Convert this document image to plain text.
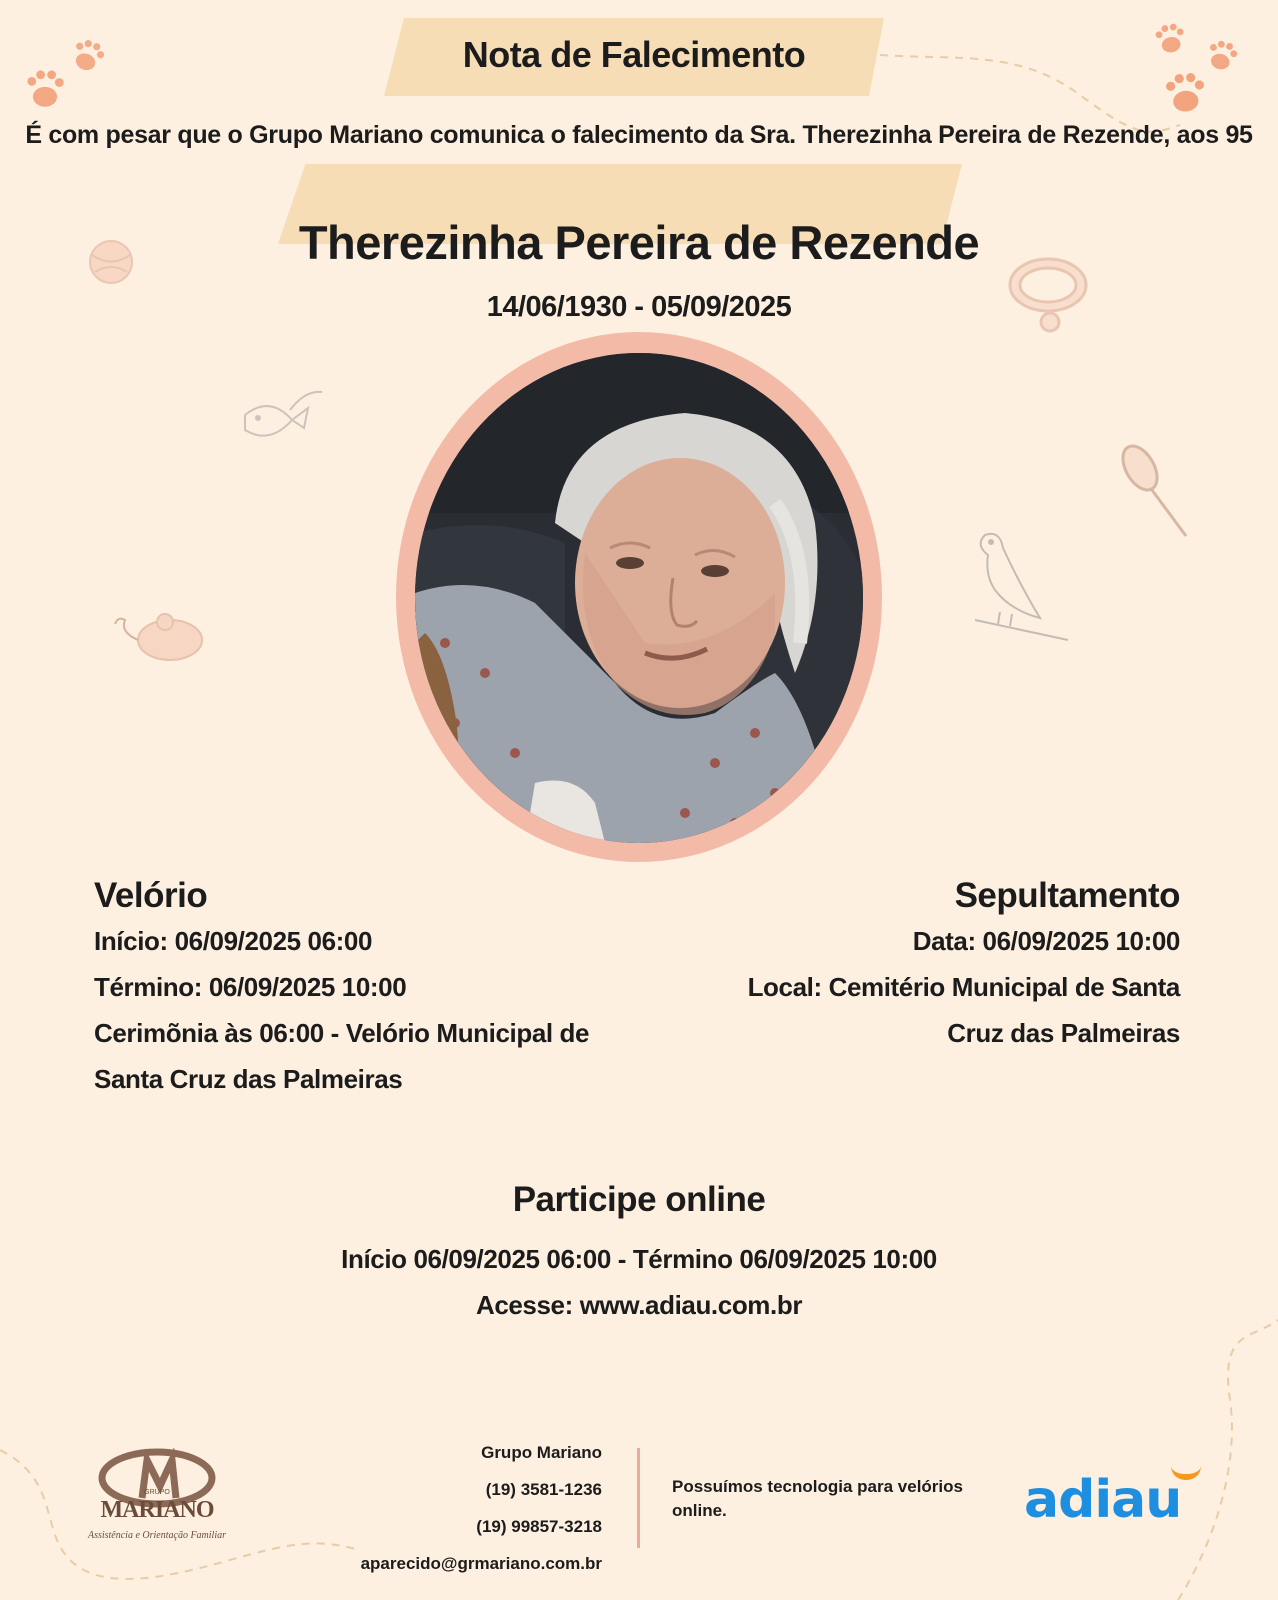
Nota de Falecimento
É com pesar que o Grupo Mariano comunica o falecimento da Sra. Therezinha Pereira de Rezende, aos 95
Therezinha Pereira de Rezende
14/06/1930 - 05/09/2025
Velório
Início: 06/09/2025 06:00
Término: 06/09/2025 10:00
Cerimõnia às 06:00 - Velório Municipal de Santa Cruz das Palmeiras
Sepultamento
Data: 06/09/2025 10:00
Local: Cemitério Municipal de Santa Cruz das Palmeiras
Participe online
Início 06/09/2025 06:00 - Término 06/09/2025 10:00
Acesse: www.adiau.com.br
GRUPO
MARIANO
Assistência e Orientação Familiar
Grupo Mariano
(19) 3581-1236
(19) 99857-3218
aparecido@grmariano.com.br
Possuímos tecnologia para velórios online.	adiau
